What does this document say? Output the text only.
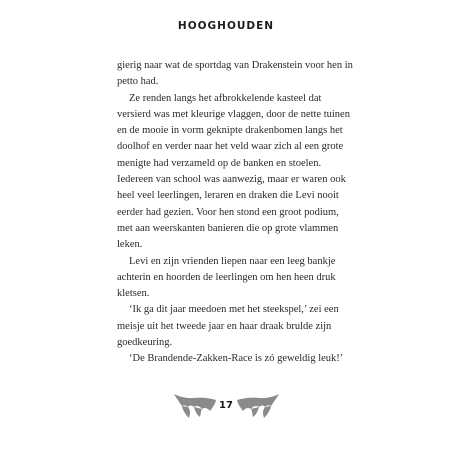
HOOGHOUDEN
gierig naar wat de sportdag van Drakenstein voor hen in
petto had.
Ze renden langs het afbrokkelende kasteel dat
versierd was met kleurige vlaggen, door de nette tuinen
en de mooie in vorm geknipte drakenbomen langs het
doolhof en verder naar het veld waar zich al een grote
menigte had verzameld op de banken en stoelen.
Iedereen van school was aanwezig, maar er waren ook
heel veel leerlingen, leraren en draken die Levi nooit
eerder had gezien. Voor hen stond een groot podium,
met aan weerskanten banieren die op grote vlammen
leken.
Levi en zijn vrienden liepen naar een leeg bankje
achterin en hoorden de leerlingen om hen heen druk
kletsen.
‘Ik ga dit jaar meedoen met het steekspel,’ zei een
meisje uit het tweede jaar en haar draak brulde zijn
goedkeuring.
‘De Brandende-Zakken-Race is zó geweldig leuk!’
17
